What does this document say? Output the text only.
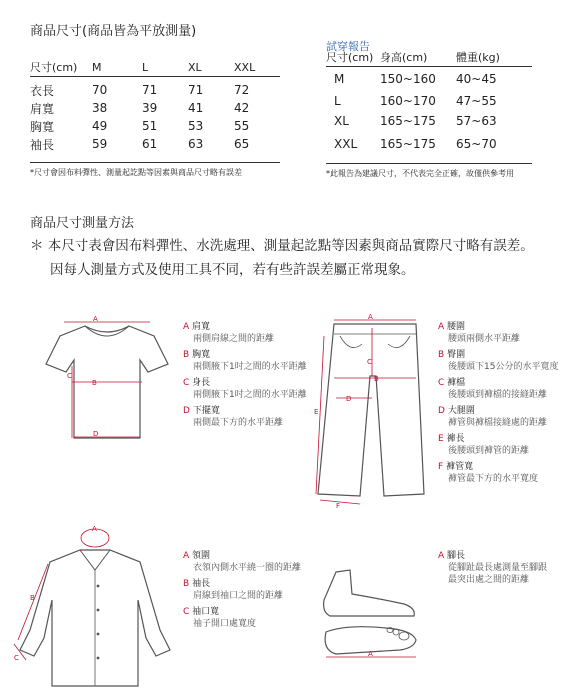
商品尺寸(商品皆為平放測量)
尺寸(cm)	M	L	XL	XXL
衣長	70	71	71	72
肩寬	38	39	41	42
胸寬	49	51	53	55
袖長	59	61	63	65
*尺寸會因布料彈性、測量起訖點等因素與商品尺寸略有誤差
試穿報告
尺寸(cm)	身高(cm)	體重(kg)
M	150~160	40~45
L	160~170	47~55
XL	165~175	57~63
XXL	165~175	65~70
*此報告為建議尺寸，不代表完全正確，故僅供參考用
商品尺寸測量方法
＊ 本尺寸表會因布料彈性、水洗處理、測量起訖點等因素與商品實際尺寸略有誤差。
因每人測量方式及使用工具不同，若有些許誤差屬正常現象。
A
B
C
D
A 肩寬
兩側肩線之間的距離
B 胸寬
兩側腋下1吋之間的水平距離
C 身長
兩側腋下1吋之間的水平距離
D 下擺寬
兩側最下方的水平距離
A
B
C
D
E
F
A 腰圍
腰頭兩側水平距離
B 臀圍
後腰頭下15公分的水平寬度
C 褲檔
後腰頭到褲檔的接縫距離
D 大腿圍
褲管與褲檔接縫處的距離
E 褲長
後腰頭到褲管的距離
F 褲管寬
褲管最下方的水平寬度
A
B
C
A 領圍
衣領內側水平繞一圈的距離
B 袖長
肩線到袖口之間的距離
C 袖口寬
袖子開口處寬度
A
A 腳長
從腳趾最長處測量至腳跟
最突出處之間的距離
